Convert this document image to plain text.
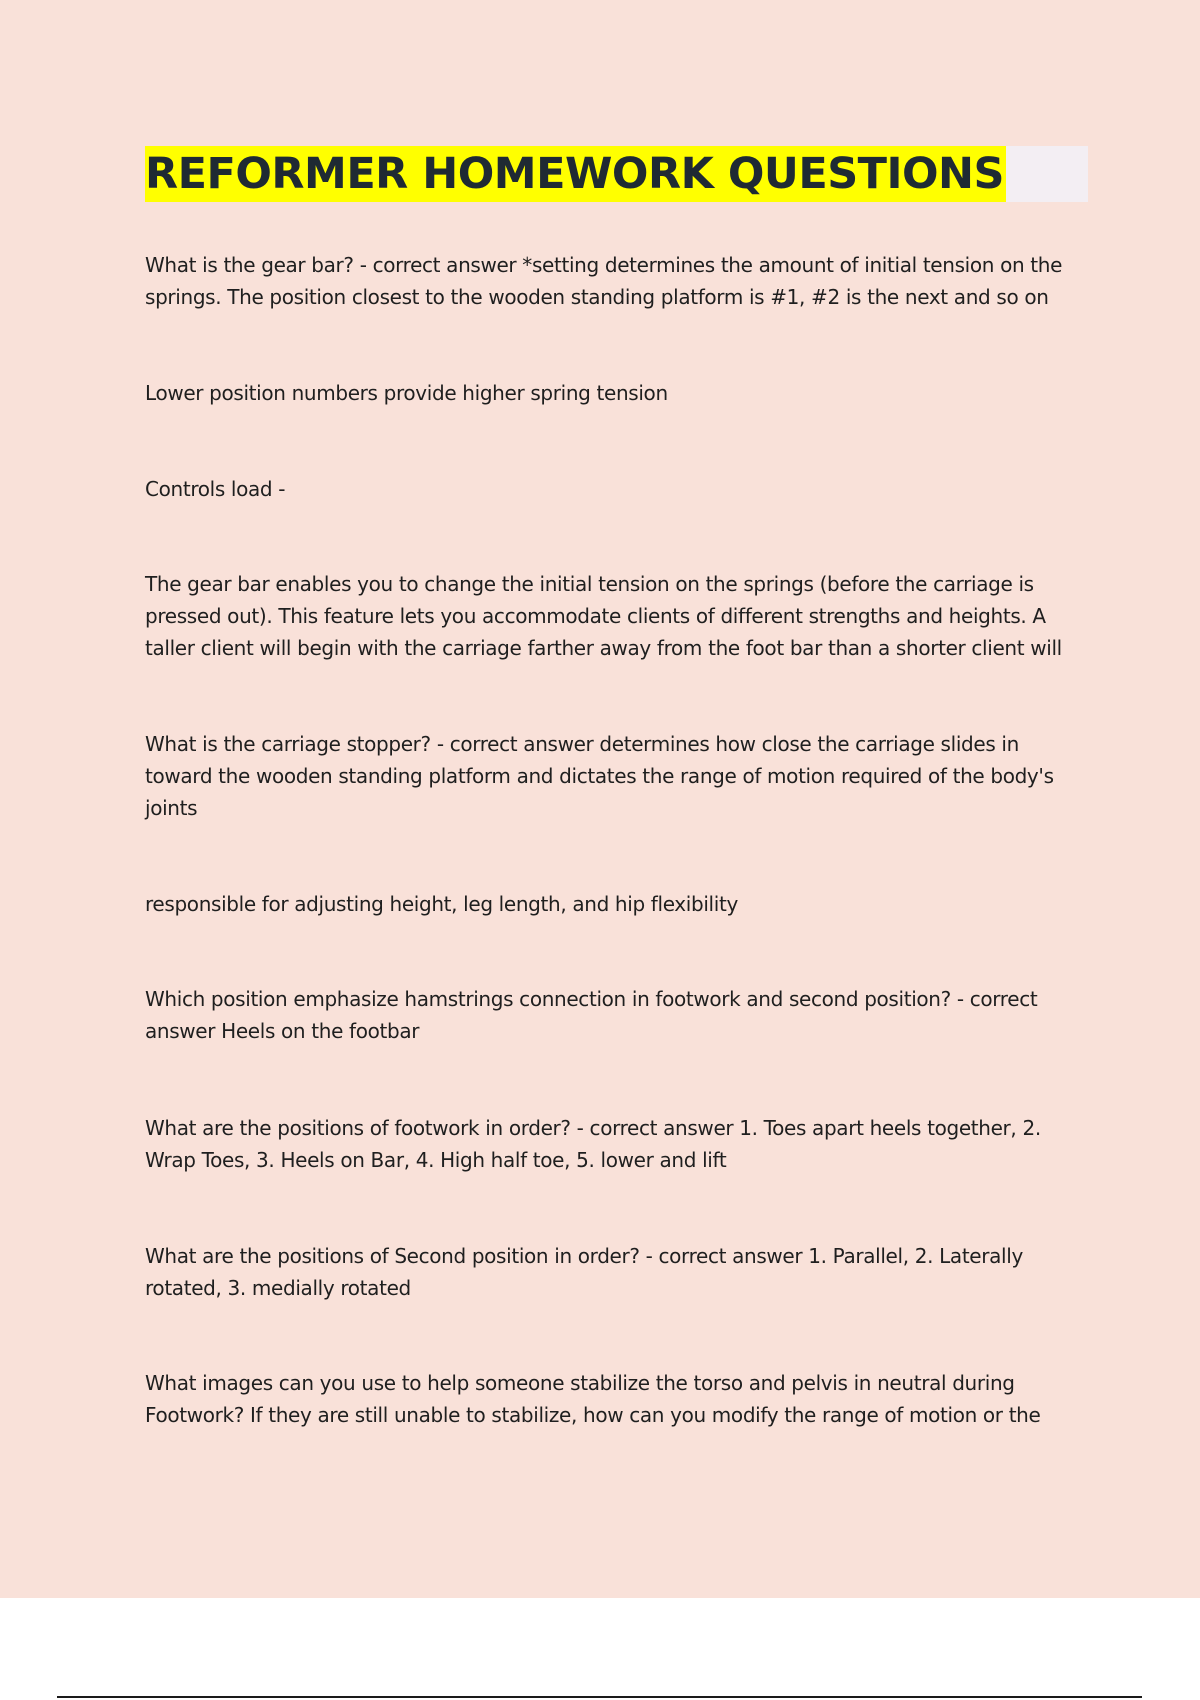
REFORMER HOMEWORK QUESTIONS

What is the gear bar? - correct answer *setting determines the amount of initial tension on the springs. The position closest to the wooden standing platform is #1, #2 is the next and so on

Lower position numbers provide higher spring tension

Controls load -

The gear bar enables you to change the initial tension on the springs (before the carriage is pressed out). This feature lets you accommodate clients of different strengths and heights. A taller client will begin with the carriage farther away from the foot bar than a shorter client will

What is the carriage stopper? - correct answer determines how close the carriage slides in toward the wooden standing platform and dictates the range of motion required of the body's joints

responsible for adjusting height, leg length, and hip flexibility

Which position emphasize hamstrings connection in footwork and second position? - correct answer Heels on the footbar

What are the positions of footwork in order? - correct answer 1. Toes apart heels together, 2. Wrap Toes, 3. Heels on Bar, 4. High half toe, 5. lower and lift

What are the positions of Second position in order? - correct answer 1. Parallel, 2. Laterally rotated, 3. medially rotated

What images can you use to help someone stabilize the torso and pelvis in neutral during Footwork? If they are still unable to stabilize, how can you modify the range of motion or the
